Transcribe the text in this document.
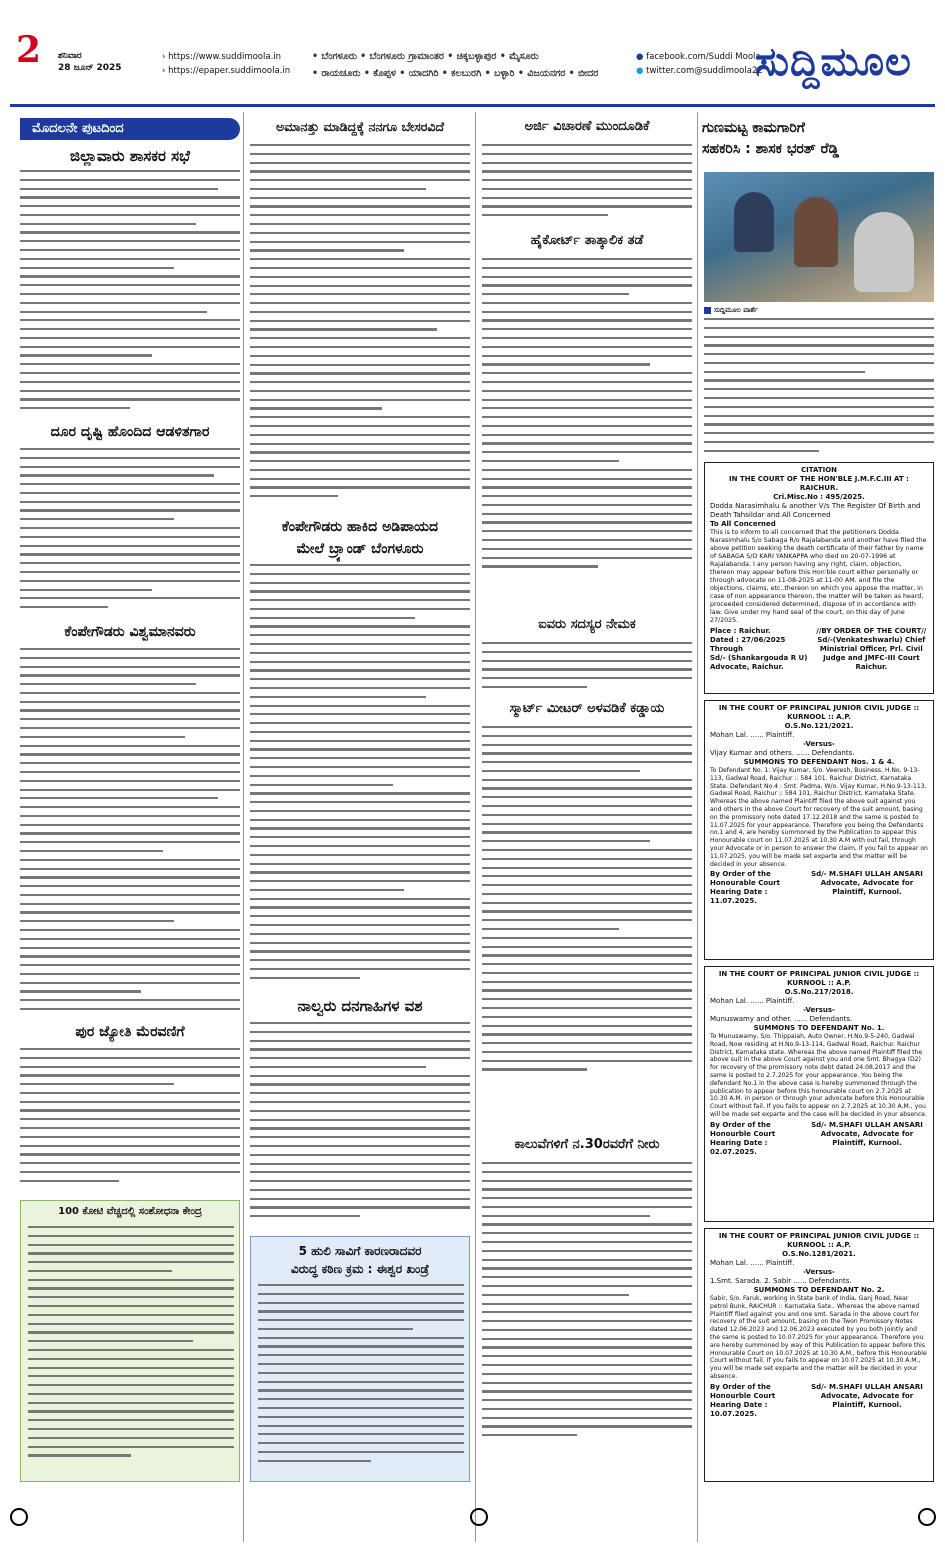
2 ಶನಿವಾರ
28 ಜೂನ್ 2025
› https://www.suddimoola.in
› https://epaper.suddimoola.in
• ಬೆಂಗಳೂರು • ಬೆಂಗಳೂರು ಗ್ರಾಮಾಂತರ • ಚಿಕ್ಕಬಳ್ಳಾಪುರ • ಮೈಸೂರು
• ರಾಯಚೂರು • ಕೊಪ್ಪಳ • ಯಾದಗಿರಿ • ಕಲಬುರಗಿ • ಬಳ್ಳಾರಿ • ವಿಜಯನಗರ • ಬೀದರ
● facebook.com/Suddi Moola
● twitter.com@suddimoola22
ಸುದ್ದಿಮೂಲ
ಮೊದಲನೇ ಪುಟದಿಂದ
ಜಿಲ್ಲಾವಾರು ಶಾಸಕರ ಸಭೆ
ದೂರ ದೃಷ್ಟಿ ಹೊಂದಿದ ಆಡಳಿತಗಾರ
ಕೆಂಪೇಗೌಡರು ವಿಶ್ವಮಾನವರು
ಪುರ ಜ್ಯೋತಿ ಮೆರವಣಿಗೆ
100 ಕೋಟಿ ವೆಚ್ಚದಲ್ಲಿ ಸಂಶೋಧನಾ ಕೇಂದ್ರ
ಅಮಾನತ್ತು ಮಾಡಿದ್ದಕ್ಕೆ ನನಗೂ ಬೇಸರವಿದೆ
ಕೆಂಪೇಗೌಡರು ಹಾಕಿದ ಅಡಿಪಾಯದ
ಮೇಲೆ ಬ್ರ್ಯಾಂಡ್ ಬೆಂಗಳೂರು
ನಾಲ್ವರು ದನಗಾಹಿಗಳ ವಶ
5 ಹುಲಿ ಸಾವಿಗೆ ಕಾರಣರಾದವರ
ವಿರುದ್ಧ ಕಠಿಣ ಕ್ರಮ : ಈಶ್ವರ ಖಂಡ್ರೆ
ಅರ್ಜಿ ವಿಚಾರಣೆ ಮುಂದೂಡಿಕೆ
ಹೈಕೋರ್ಟ್ ತಾತ್ಕಾಲಿಕ ತಡೆ
ಐವರು ಸದಸ್ಯರ ನೇಮಕ
ಸ್ಮಾರ್ಟ್ ಮೀಟರ್ ಅಳವಡಿಕೆ ಕಡ್ಡಾಯ
ಕಾಲುವೆಗಳಿಗೆ ನ.30ರವರೆಗೆ ನೀರು
ಗುಣಮಟ್ಟ ಕಾಮಗಾರಿಗೆ
ಸಹಕರಿಸಿ : ಶಾಸಕ ಭರತ್ ರೆಡ್ಡಿ
ಸುದ್ದಿಮೂಲ ವಾರ್ತೆ
CITATION
IN THE COURT OF THE HON'BLE J.M.F.C.III AT : RAICHUR.
Cri.Misc.No : 495/2025.
Dodda Narasimhalu & another V/s The Register Of Birth and Death Tahsildar and All Concerned
To All Concerned
This is to inform to all concerned that the petitioners Dodda Narasimhalu S/o Sabaga R/o Rajalabanda and another have filed the above petition seeking the death certificate of their father by name of SABAGA S/O KARI YANKAPPA who died on 20-07-1996 at Rajalabanda. I any person having any right, claim, objection, thereon may appear before this Hon'ble court either personally or through advocate on 11-08-2025 at 11-00 AM. and file the objections, claims, etc..thereon on which you appose the matter, in case of non appearance thereon, the matter will be taken as heard, proceeded considered determined, dispose of in accordance with law. Give under my hand seal of the court, on this day of June 27/2025.
Place : Raichur.
Dated : 27/06/2025
Through
Sd/- (Shankargouda R U) Advocate, Raichur.
//BY ORDER OF THE COURT// Sd/-(Venkateshwarlu) Chief Ministrial Officer, Prl. Civil Judge and JMFC-III Court Raichur.
IN THE COURT OF PRINCIPAL JUNIOR CIVIL JUDGE :: KURNOOL :: A.P.
O.S.No.121/2021.
Mohan Lal. ...... Plaintiff.
-Versus-
Vijay Kumar and others. ...... Defendants.
SUMMONS TO DEFENDANT Nos. 1 & 4.
To Defendant No. 1: Vijay Kumar, S/o. Veeresh, Business, H.No. 9-13-113, Gadwal Road, Raichur :: 584 101. Raichur District, Karnataka State. Defendant No.4 : Smt. Padma, W/o. Vijay Kumar, H.No.9-13-113, Gadwal Road, Raichur :: 584 101, Raichur District, Karnataka State. Whereas the above named Plaintiff filed the above suit against you and others in the above Court for recovery of the suit amount, basing on the promissory note dated 17.12.2018 and the same is posted to 11.07.2025 for your appearance. Therefore you being the Defendants no.1 and 4, are hereby summoned by the Publication to appear this Honourable court on 11.07.2025 at 10.30 A.M with out fail, through your Advocate or in person to answer the claim, if you fail to appear on 11.07.2025, you will be made set exparte and the matter will be decided in your absence.
By Order of the Honourable Court Hearing Date : 11.07.2025.
Sd/- M.SHAFI ULLAH ANSARI Advocate, Advocate for Plaintiff, Kurnool.
IN THE COURT OF PRINCIPAL JUNIOR CIVIL JUDGE :: KURNOOL :: A.P.
O.S.No.217/2018.
Mohan Lal. ...... Plaintiff.
-Versus-
Munuswamy and other. ...... Defendants.
SUMMONS TO DEFENDANT No. 1.
To Munuswamy, S/o. Thippaiah, Auto Owner, H.No.9-5-240, Gadwal Road, Now residing at H.No.9-13-114, Gadwal Road, Raichur. Raichur District, Karnataka state. Whereas the above named Plaintiff filed the above suit in the above Court against you and one Smt. Bhagya (D2) for recovery of the promissory note debt dated 24.08.2017 and the same is posted to 2.7.2025 for your appearance. You being the defendant No.1 in the above case is hereby summoned through the publication to appear before this honourable court on 2.7.2025 at 10.30 A.M. in person or through your advocate before this Honourable Court without fail. If you fails to appear on 2.7.2025 at 10.30 A.M., you will be made set exparte and the case will be decided in your absence.
By Order of the Honourble Court Hearing Date : 02.07.2025.
Sd/- M.SHAFI ULLAH ANSARI Advocate, Advocate for Plaintiff, Kurnool.
IN THE COURT OF PRINCIPAL JUNIOR CIVIL JUDGE :: KURNOOL :: A.P.
O.S.No.1281/2021.
Mohan Lal. ...... Plaintiff.
-Versus-
1.Smt. Sarada. 2. Sabir ...... Defendants.
SUMMONS TO DEFENDANT No. 2.
Sabir, S/o. Faruk, working in State bank of India, Ganj Road, Near petrol Bunk, RAICHUR :: Karnataka Sate.. Whereas the above named Plaintiff filed against you and one smt. Sarada in the above court for recovery of the suit amount, basing on the Twon Promissory Notes dated 12.06.2023 and 12.06.2023 executed by you both jointly and the same is posted to 10.07.2025 for your appearance. Therefore you are hereby summoned by way of this Publication to appear before this Honourable Court on 10.07.2025 at 10.30 A.M., before this Honourable Court without fail. If you fails to appear on 10.07.2025 at 10.30 A.M., you will be made set exparte and the matter will be decided in your absence.
By Order of the Honourble Court Hearing Date : 10.07.2025.
Sd/- M.SHAFI ULLAH ANSARI Advocate, Advocate for Plaintiff, Kurnool.
